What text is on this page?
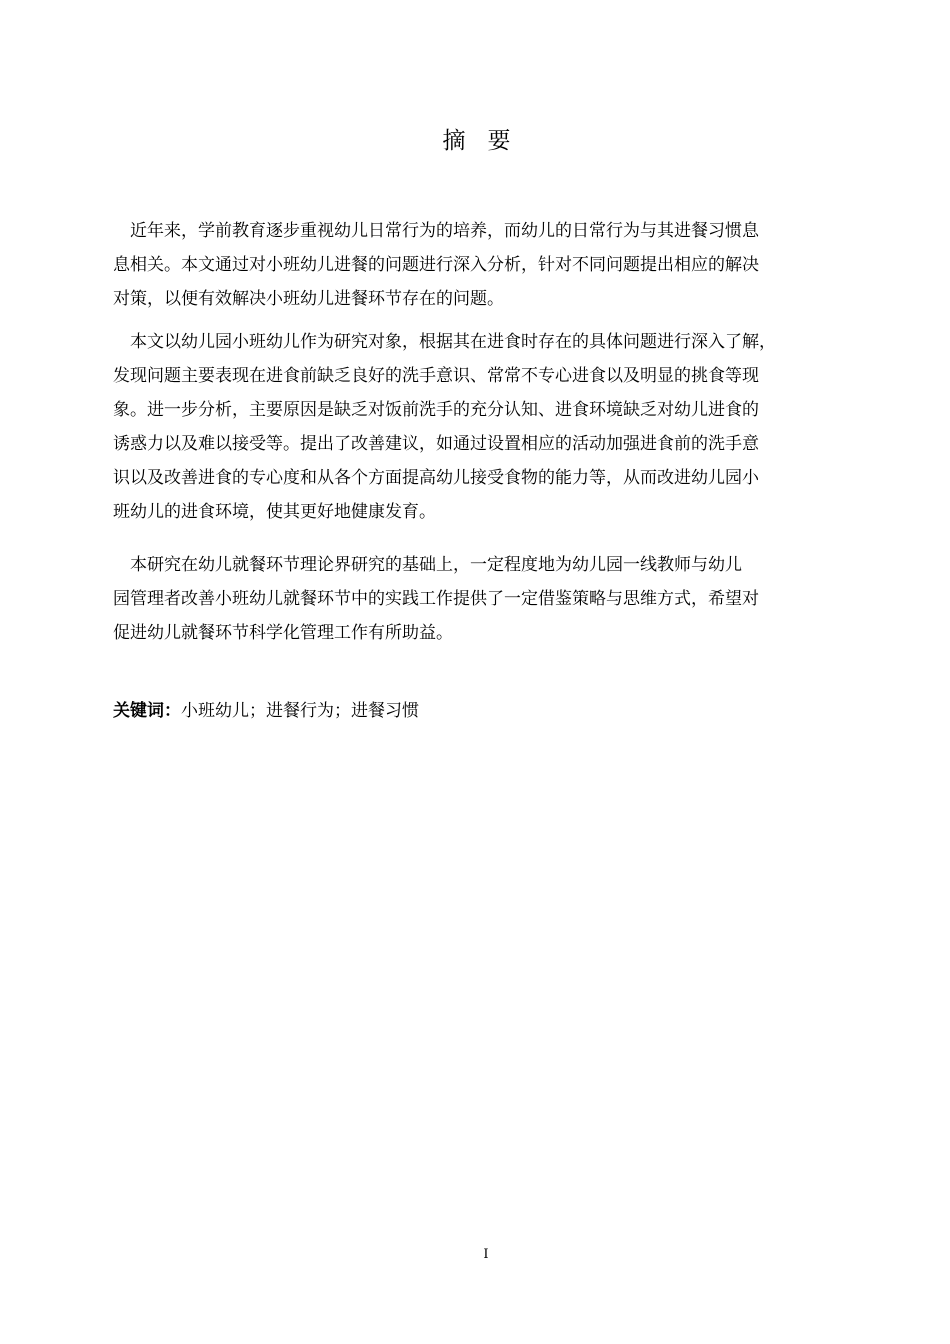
摘要

　近年来，学前教育逐步重视幼儿日常行为的培养，而幼儿的日常行为与其进餐习惯息
息相关。本文通过对小班幼儿进餐的问题进行深入分析，针对不同问题提出相应的解决
对策，以便有效解决小班幼儿进餐环节存在的问题。

　本文以幼儿园小班幼儿作为研究对象，根据其在进食时存在的具体问题进行深入了解，
发现问题主要表现在进食前缺乏良好的洗手意识、常常不专心进食以及明显的挑食等现
象。进一步分析，主要原因是缺乏对饭前洗手的充分认知、进食环境缺乏对幼儿进食的
诱惑力以及难以接受等。提出了改善建议，如通过设置相应的活动加强进食前的洗手意
识以及改善进食的专心度和从各个方面提高幼儿接受食物的能力等，从而改进幼儿园小
班幼儿的进食环境，使其更好地健康发育。

　本研究在幼儿就餐环节理论界研究的基础上，一定程度地为幼儿园一线教师与幼儿
园管理者改善小班幼儿就餐环节中的实践工作提供了一定借鉴策略与思维方式，希望对
促进幼儿就餐环节科学化管理工作有所助益。

关键词：小班幼儿；进餐行为；进餐习惯
I
